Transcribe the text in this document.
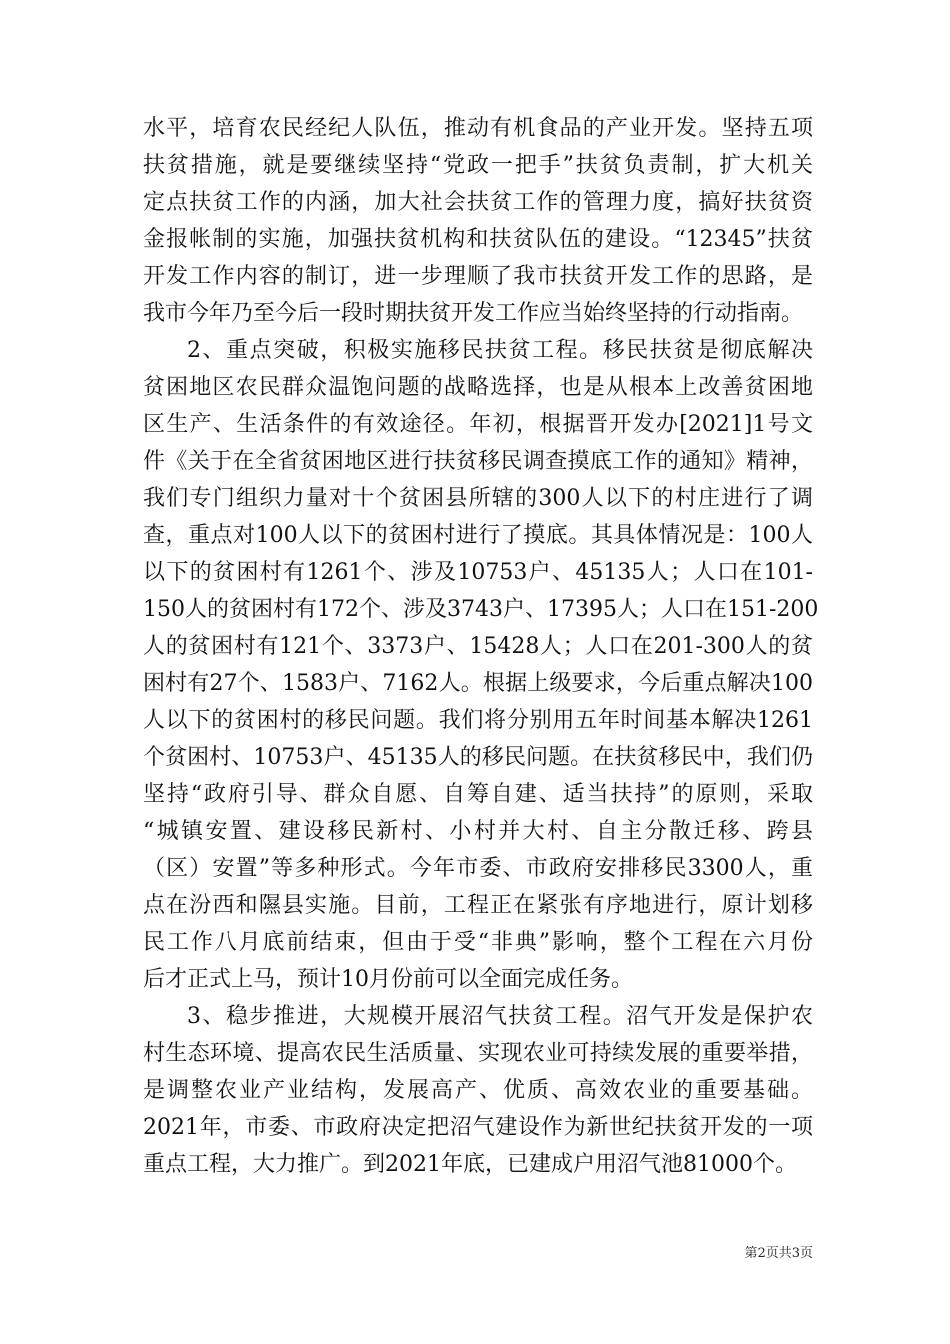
水平，培育农民经纪人队伍，推动有机食品的产业开发。坚持五项
扶贫措施，就是要继续坚持“党政一把手”扶贫负责制，扩大机关
定点扶贫工作的内涵，加大社会扶贫工作的管理力度，搞好扶贫资
金报帐制的实施，加强扶贫机构和扶贫队伍的建设。“12345”扶贫
开发工作内容的制订，进一步理顺了我市扶贫开发工作的思路，是
我市今年乃至今后一段时期扶贫开发工作应当始终坚持的行动指南。
2、重点突破，积极实施移民扶贫工程。移民扶贫是彻底解决
贫困地区农民群众温饱问题的战略选择，也是从根本上改善贫困地
区生产、生活条件的有效途径。年初，根据晋开发办[2021]1号文
件《关于在全省贫困地区进行扶贫移民调查摸底工作的通知》精神，
我们专门组织力量对十个贫困县所辖的300人以下的村庄进行了调
查，重点对100人以下的贫困村进行了摸底。其具体情况是：100人
以下的贫困村有1261个、涉及10753户、45135人；人口在101-
150人的贫困村有172个、涉及3743户、17395人；人口在151-200
人的贫困村有121个、3373户、15428人；人口在201-300人的贫
困村有27个、1583户、7162人。根据上级要求，今后重点解决100
人以下的贫困村的移民问题。我们将分别用五年时间基本解决1261
个贫困村、10753户、45135人的移民问题。在扶贫移民中，我们仍
坚持“政府引导、群众自愿、自筹自建、适当扶持”的原则，采取
“城镇安置、建设移民新村、小村并大村、自主分散迁移、跨县
（区）安置”等多种形式。今年市委、市政府安排移民3300人，重
点在汾西和隰县实施。目前，工程正在紧张有序地进行，原计划移
民工作八月底前结束，但由于受“非典”影响，整个工程在六月份
后才正式上马，预计10月份前可以全面完成任务。
3、稳步推进，大规模开展沼气扶贫工程。沼气开发是保护农
村生态环境、提高农民生活质量、实现农业可持续发展的重要举措，
是调整农业产业结构，发展高产、优质、高效农业的重要基础。
2021年，市委、市政府决定把沼气建设作为新世纪扶贫开发的一项
重点工程，大力推广。到2021年底，已建成户用沼气池81000个。
第2页共3页
